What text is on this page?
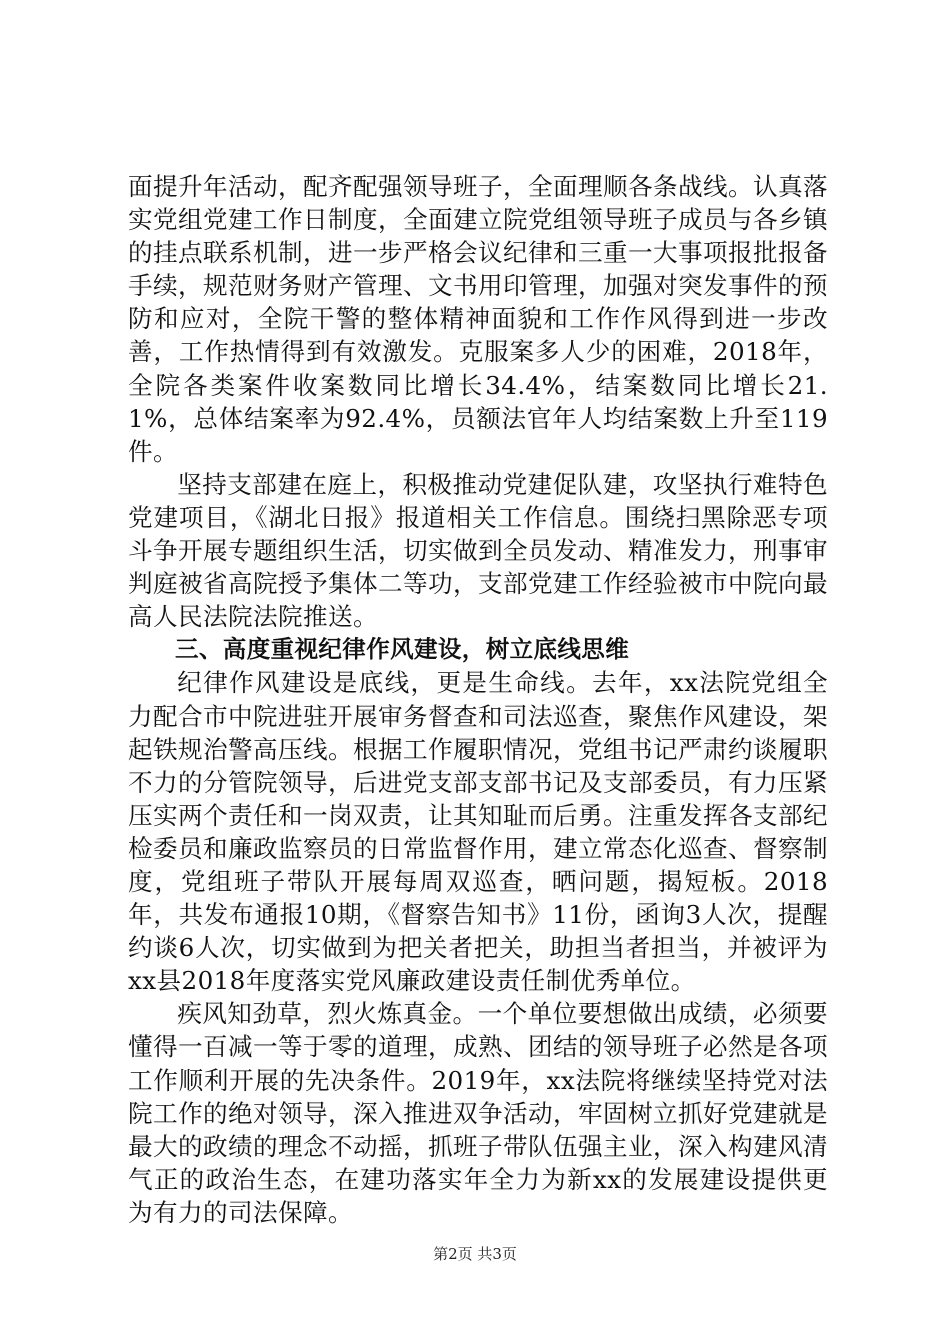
面提升年活动，配齐配强领导班子，全面理顺各条战线。认真落实党组党建工作日制度，全面建立院党组领导班子成员与各乡镇的挂点联系机制，进一步严格会议纪律和三重一大事项报批报备手续，规范财务财产管理、文书用印管理，加强对突发事件的预防和应对，全院干警的整体精神面貌和工作作风得到进一步改善，工作热情得到有效激发。克服案多人少的困难，2018年，全院各类案件收案数同比增长34.4%，结案数同比增长21.1%，总体结案率为92.4%，员额法官年人均结案数上升至119件。

坚持支部建在庭上，积极推动党建促队建，攻坚执行难特色党建项目，《湖北日报》报道相关工作信息。围绕扫黑除恶专项斗争开展专题组织生活，切实做到全员发动、精准发力，刑事审判庭被省高院授予集体二等功，支部党建工作经验被市中院向最高人民法院法院推送。

三、高度重视纪律作风建设，树立底线思维

纪律作风建设是底线，更是生命线。去年，xx法院党组全力配合市中院进驻开展审务督查和司法巡查，聚焦作风建设，架起铁规治警高压线。根据工作履职情况，党组书记严肃约谈履职不力的分管院领导，后进党支部支部书记及支部委员，有力压紧压实两个责任和一岗双责，让其知耻而后勇。注重发挥各支部纪检委员和廉政监察员的日常监督作用，建立常态化巡查、督察制度，党组班子带队开展每周双巡查，晒问题，揭短板。2018年，共发布通报10期，《督察告知书》11份，函询3人次，提醒约谈6人次，切实做到为把关者把关，助担当者担当，并被评为xx县2018年度落实党风廉政建设责任制优秀单位。

疾风知劲草，烈火炼真金。一个单位要想做出成绩，必须要懂得一百减一等于零的道理，成熟、团结的领导班子必然是各项工作顺利开展的先决条件。2019年，xx法院将继续坚持党对法院工作的绝对领导，深入推进双争活动，牢固树立抓好党建就是最大的政绩的理念不动摇，抓班子带队伍强主业，深入构建风清气正的政治生态，在建功落实年全力为新xx的发展建设提供更为有力的司法保障。

第2页 共3页
